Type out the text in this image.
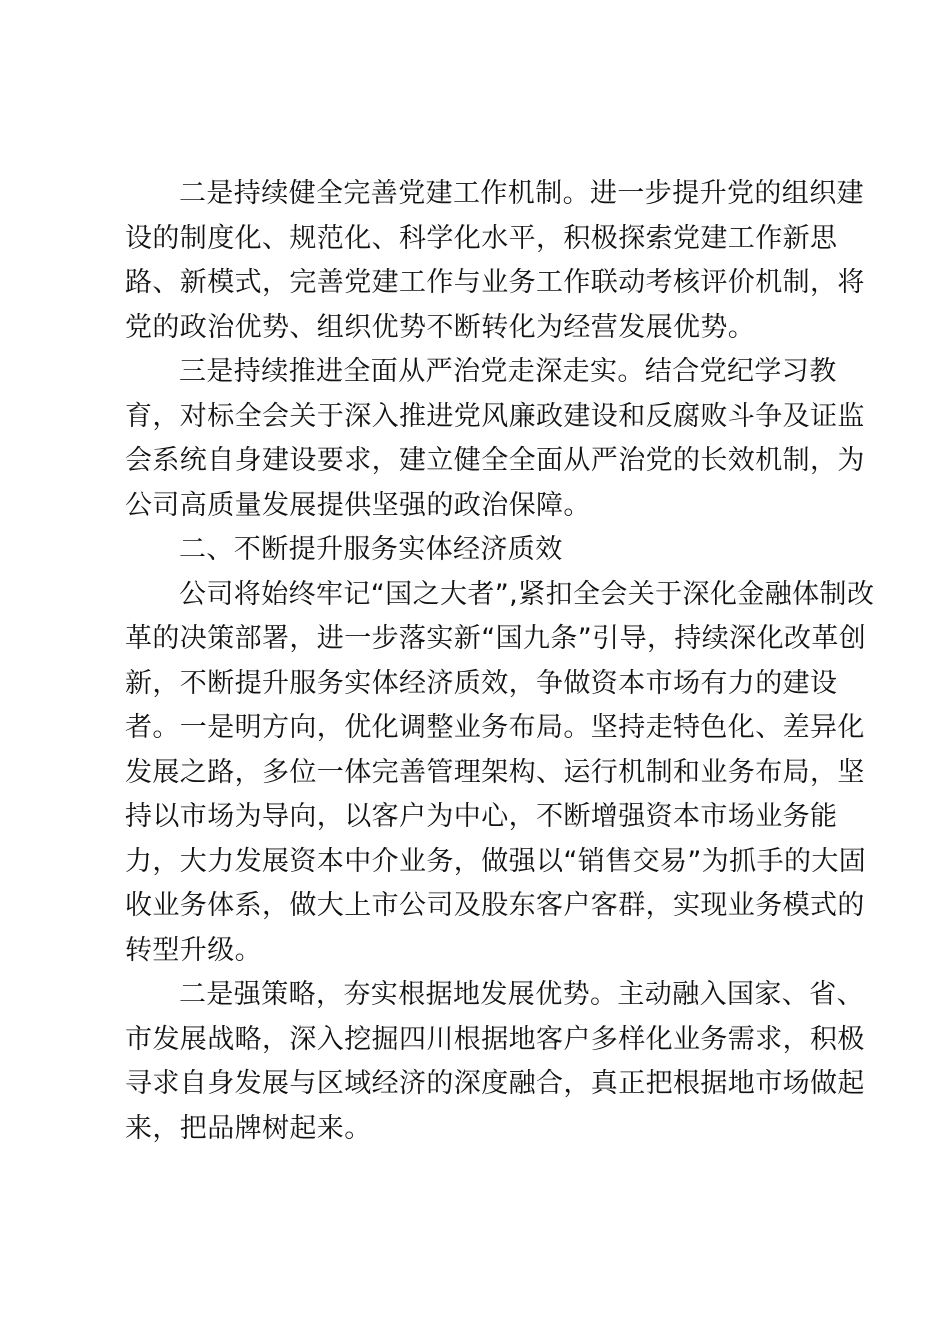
二是持续健全完善党建工作机制。进一步提升党的组织建
设的制度化、规范化、科学化水平，积极探索党建工作新思
路、新模式，完善党建工作与业务工作联动考核评价机制，将
党的政治优势、组织优势不断转化为经营发展优势。
三是持续推进全面从严治党走深走实。结合党纪学习教
育，对标全会关于深入推进党风廉政建设和反腐败斗争及证监
会系统自身建设要求，建立健全全面从严治党的长效机制，为
公司高质量发展提供坚强的政治保障。
二、不断提升服务实体经济质效
公司将始终牢记“国之大者”,紧扣全会关于深化金融体制改
革的决策部署，进一步落实新“国九条”引导，持续深化改革创
新，不断提升服务实体经济质效，争做资本市场有力的建设
者。一是明方向，优化调整业务布局。坚持走特色化、差异化
发展之路，多位一体完善管理架构、运行机制和业务布局，坚
持以市场为导向，以客户为中心，不断增强资本市场业务能
力，大力发展资本中介业务，做强以“销售交易”为抓手的大固
收业务体系，做大上市公司及股东客户客群，实现业务模式的
转型升级。
二是强策略，夯实根据地发展优势。主动融入国家、省、
市发展战略，深入挖掘四川根据地客户多样化业务需求，积极
寻求自身发展与区域经济的深度融合，真正把根据地市场做起
来，把品牌树起来。
